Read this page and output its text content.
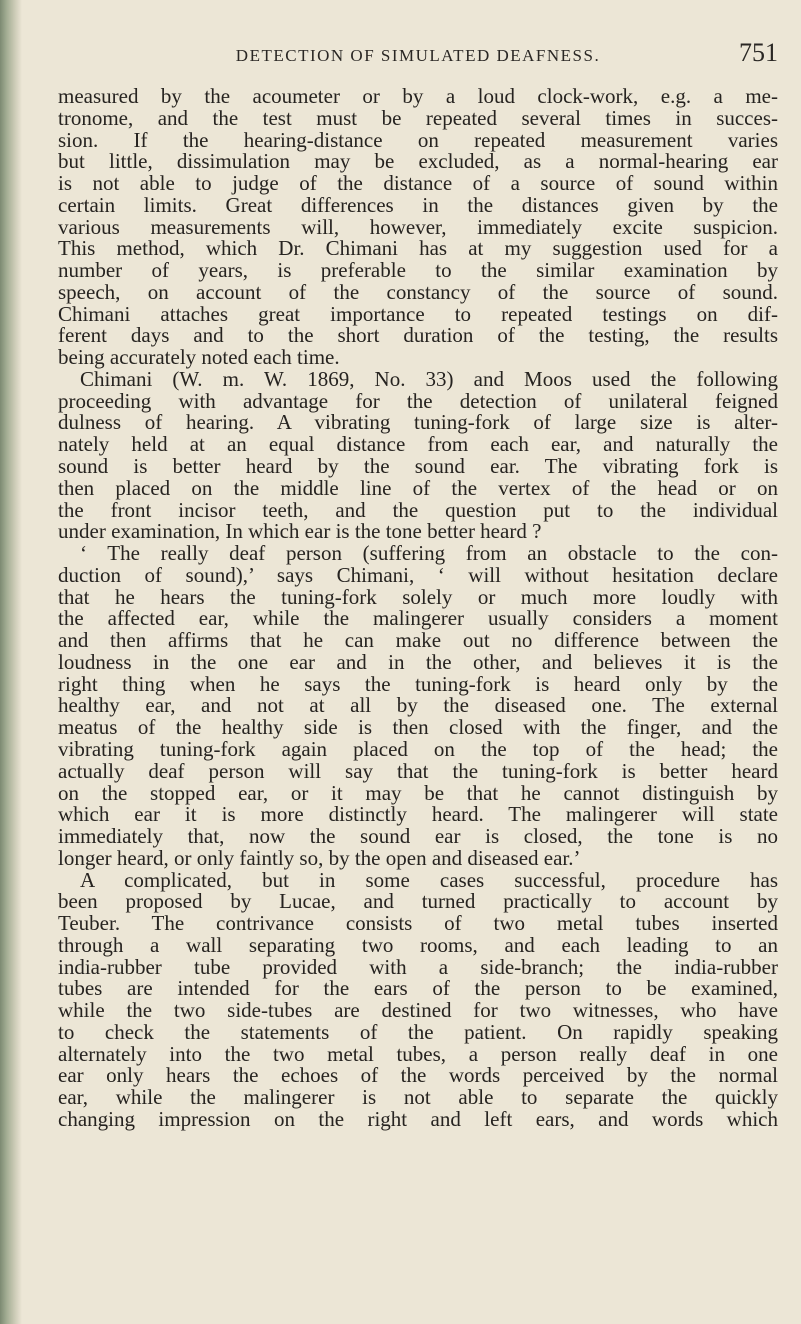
DETECTION OF SIMULATED DEAFNESS.	751
measured by the acoumeter or by a loud clock-work, e.g. a me-
tronome, and the test must be repeated several times in succes-
sion. If the hearing-distance on repeated measurement varies
but little, dissimulation may be excluded, as a normal-hearing ear
is not able to judge of the distance of a source of sound within
certain limits. Great differences in the distances given by the
various measurements will, however, immediately excite suspicion.
This method, which Dr. Chimani has at my suggestion used for a
number of years, is preferable to the similar examination by
speech, on account of the constancy of the source of sound.
Chimani attaches great importance to repeated testings on dif-
ferent days and to the short duration of the testing, the results
being accurately noted each time.
Chimani (W. m. W. 1869, No. 33) and Moos used the following
proceeding with advantage for the detection of unilateral feigned
dulness of hearing. A vibrating tuning-fork of large size is alter-
nately held at an equal distance from each ear, and naturally the
sound is better heard by the sound ear. The vibrating fork is
then placed on the middle line of the vertex of the head or on
the front incisor teeth, and the question put to the individual
under examination, In which ear is the tone better heard ?
‘ The really deaf person (suffering from an obstacle to the con-
duction of sound),’ says Chimani, ‘ will without hesitation declare
that he hears the tuning-fork solely or much more loudly with
the affected ear, while the malingerer usually considers a moment
and then affirms that he can make out no difference between the
loudness in the one ear and in the other, and believes it is the
right thing when he says the tuning-fork is heard only by the
healthy ear, and not at all by the diseased one. The external
meatus of the healthy side is then closed with the finger, and the
vibrating tuning-fork again placed on the top of the head; the
actually deaf person will say that the tuning-fork is better heard
on the stopped ear, or it may be that he cannot distinguish by
which ear it is more distinctly heard. The malingerer will state
immediately that, now the sound ear is closed, the tone is no
longer heard, or only faintly so, by the open and diseased ear.’
A complicated, but in some cases successful, procedure has
been proposed by Lucae, and turned practically to account by
Teuber. The contrivance consists of two metal tubes inserted
through a wall separating two rooms, and each leading to an
india-rubber tube provided with a side-branch; the india-rubber
tubes are intended for the ears of the person to be examined,
while the two side-tubes are destined for two witnesses, who have
to check the statements of the patient. On rapidly speaking
alternately into the two metal tubes, a person really deaf in one
ear only hears the echoes of the words perceived by the normal
ear, while the malingerer is not able to separate the quickly
changing impression on the right and left ears, and words which
